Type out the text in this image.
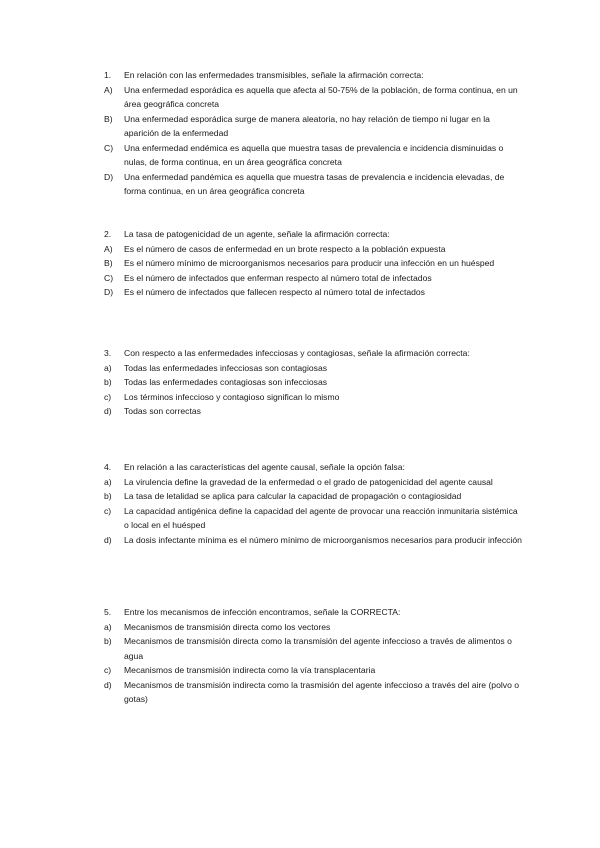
1. En relación con las enfermedades transmisibles, señale la afirmación correcta:
A) Una enfermedad esporádica es aquella que afecta al 50-75% de la población, de forma continua, en un área geográfica concreta
B) Una enfermedad esporádica surge de manera aleatoria, no hay relación de tiempo ni lugar en la aparición de la enfermedad
C) Una enfermedad endémica es aquella que muestra tasas de prevalencia e incidencia disminuidas o nulas, de forma continua, en un área geográfica concreta
D) Una enfermedad pandémica es aquella que muestra tasas de prevalencia e incidencia elevadas, de forma continua, en un área geográfica concreta
2. La tasa de patogenicidad de un agente, señale la afirmación correcta:
A) Es el número de casos de enfermedad en un brote respecto a la población expuesta
B) Es el número mínimo de microorganismos necesarios para producir una infección en un huésped
C) Es el número de infectados que enferman respecto al número total de infectados
D) Es el número de infectados que fallecen respecto al número total de infectados
3. Con respecto a las enfermedades infecciosas y contagiosas, señale la afirmación correcta:
a) Todas las enfermedades infecciosas son contagiosas
b) Todas las enfermedades contagiosas son infecciosas
c) Los términos infeccioso y contagioso significan lo mismo
d) Todas son correctas
4. En relación a las características del agente causal, señale la opción falsa:
a) La virulencia define la gravedad de la enfermedad o el grado de patogenicidad del agente causal
b) La tasa de letalidad se aplica para calcular la capacidad de propagación o contagiosidad
c) La capacidad antigénica define la capacidad del agente de provocar una reacción inmunitaria sistémica o local en el huésped
d) La dosis infectante mínima es el número mínimo de microorganismos necesarios para producir infección
5. Entre los mecanismos de infección encontramos, señale la CORRECTA:
a) Mecanismos de transmisión directa como los vectores
b) Mecanismos de transmisión directa como la transmisión del agente infeccioso a través de alimentos o agua
c) Mecanismos de transmisión indirecta como la vía transplacentaria
d) Mecanismos de transmisión indirecta como la trasmisión del agente infeccioso a través del aire (polvo o gotas)
